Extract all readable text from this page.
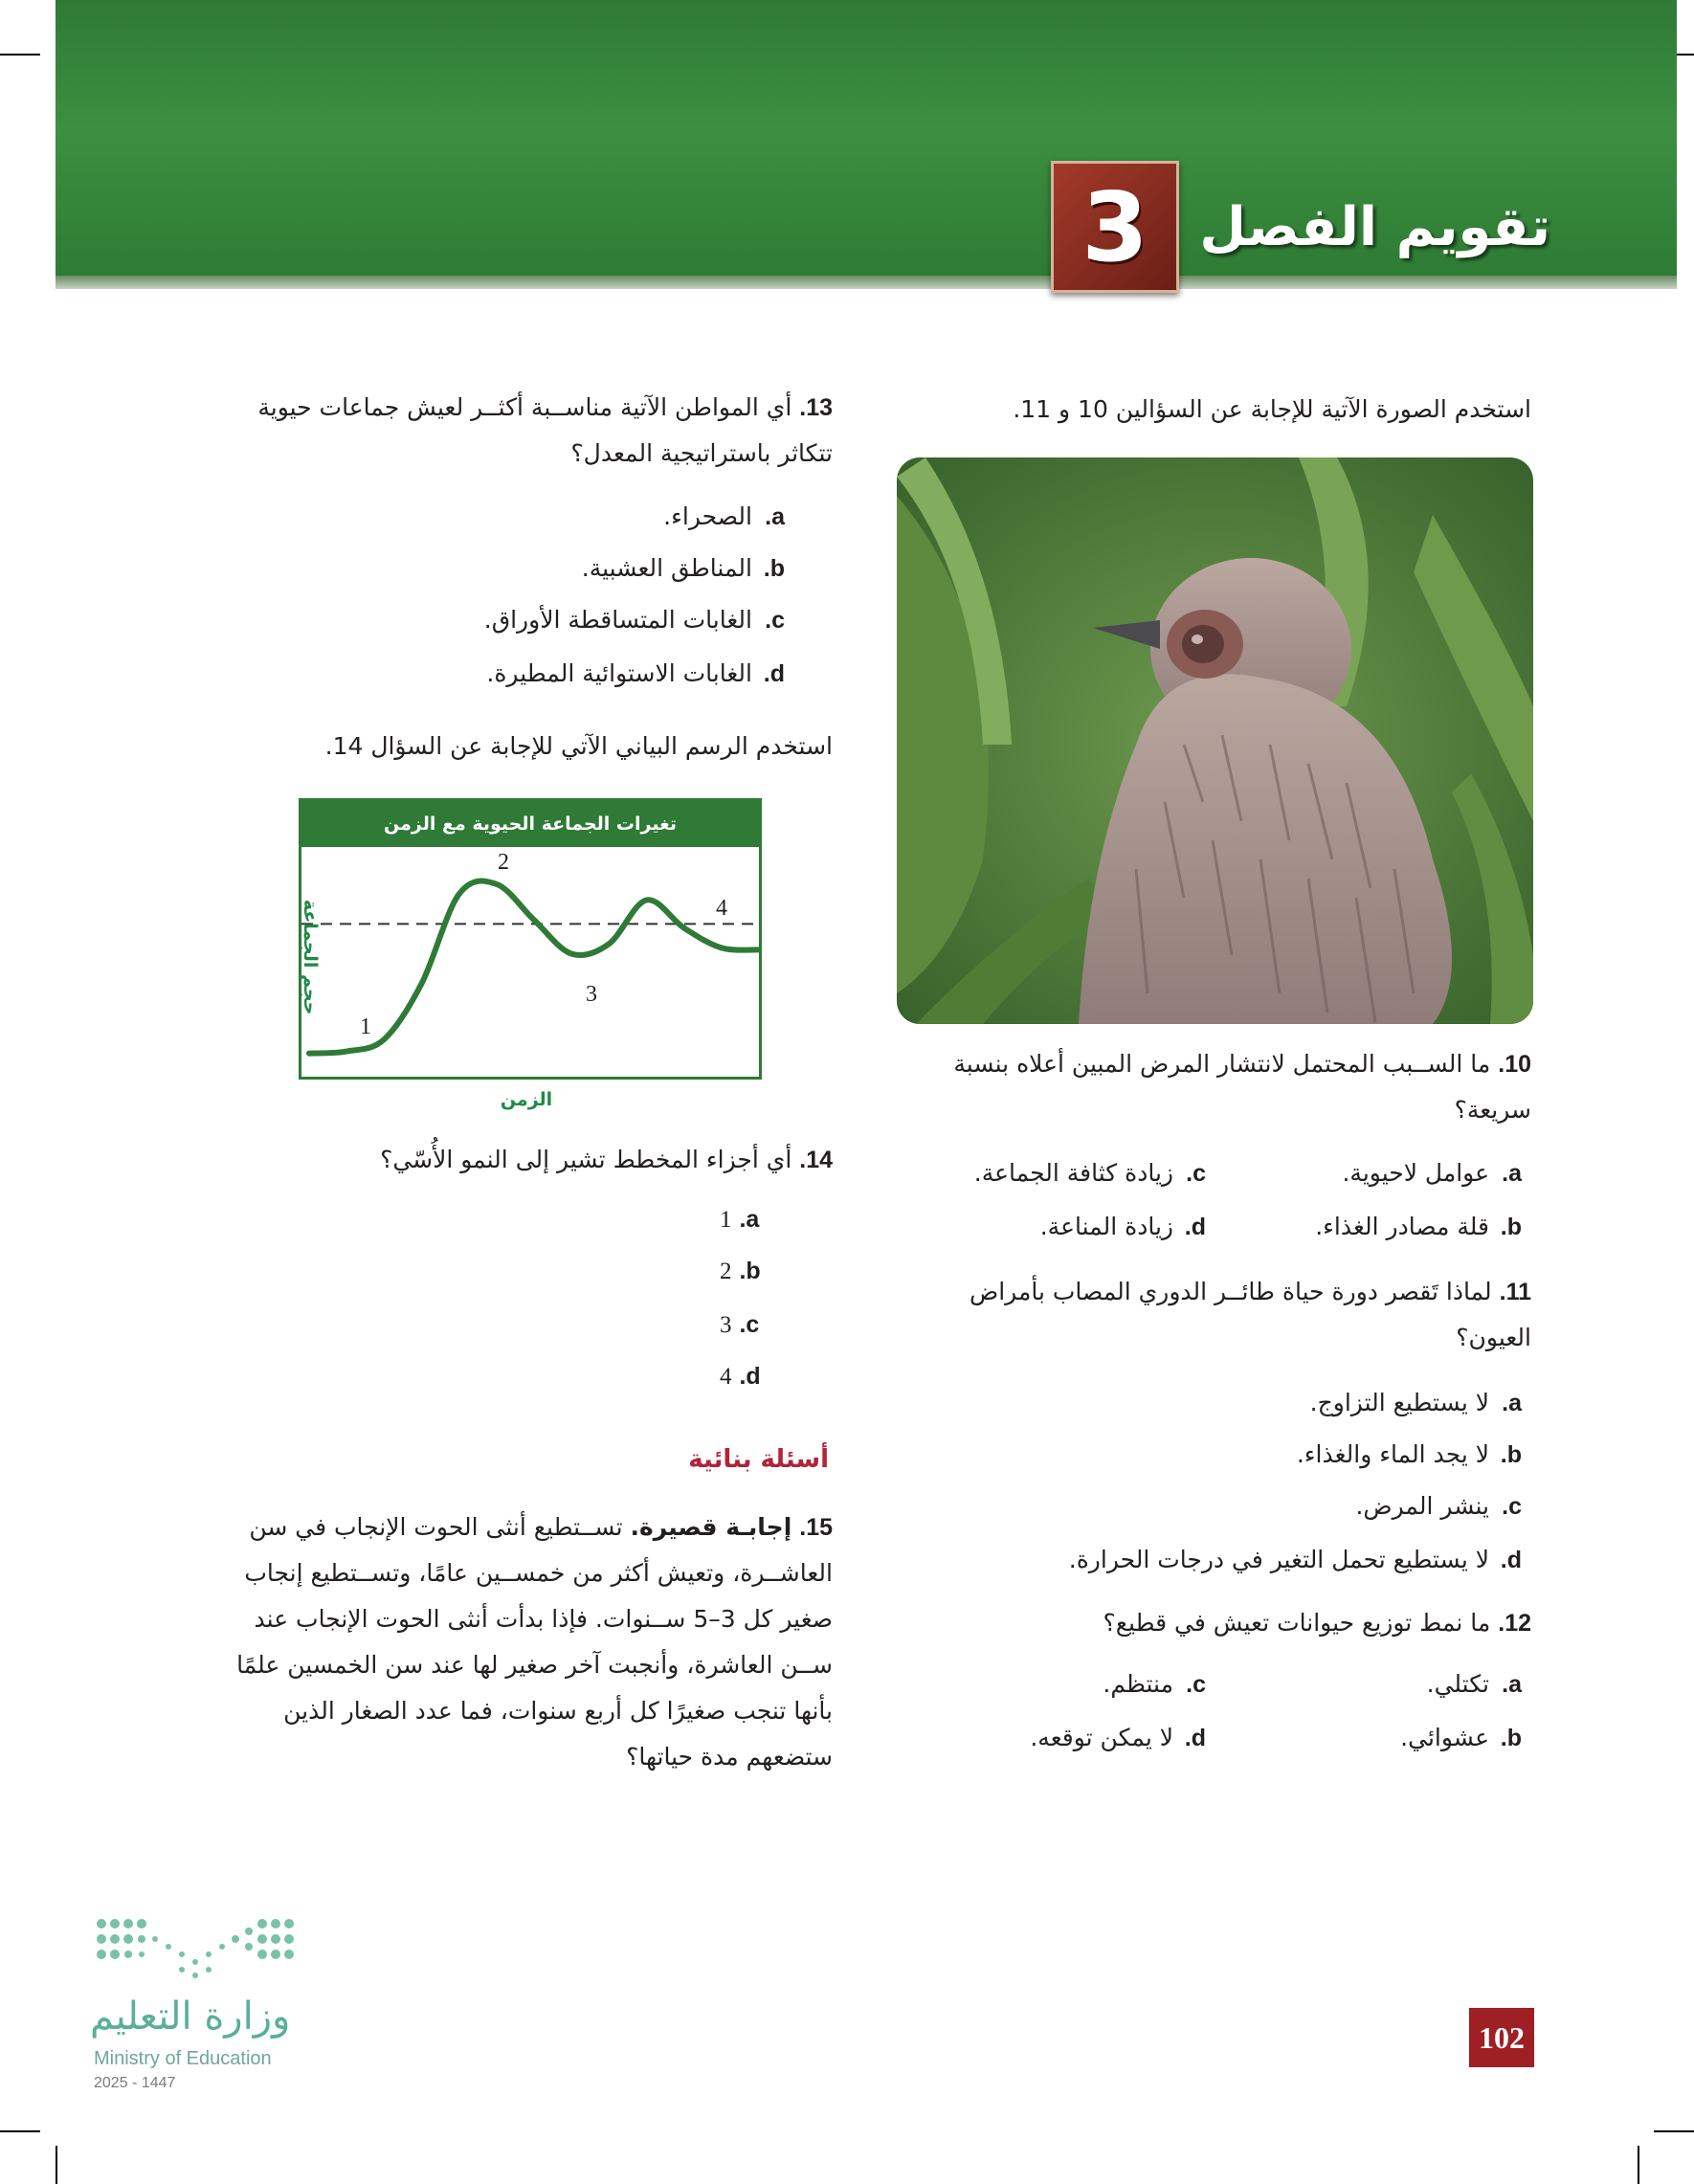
3 تقويم الفصل
استخدم الصورة الآتية للإجابة عن السؤالين 10 و 11.
10. ما الســبب المحتمل لانتشار المرض المبين أعلاه بنسبة سريعة؟
a.عوامل لاحيوية.
c.زيادة كثافة الجماعة.
b.قلة مصادر الغذاء.
d.زيادة المناعة.
11. لماذا تَقصر دورة حياة طائــر الدوري المصاب بأمراض العيون؟
a.لا يستطيع التزاوج.
b.لا يجد الماء والغذاء.
c.ينشر المرض.
d.لا يستطيع تحمل التغير في درجات الحرارة.
12. ما نمط توزيع حيوانات تعيش في قطيع؟
a.تكتلي.
c.منتظم.
b.عشوائي.
d.لا يمكن توقعه.
13. أي المواطن الآتية مناســبة أكثــر لعيش جماعات حيوية تتكاثر باستراتيجية المعدل؟
a.الصحراء.
b.المناطق العشبية.
c.الغابات المتساقطة الأوراق.
d.الغابات الاستوائية المطيرة.
استخدم الرسم البياني الآتي للإجابة عن السؤال 14.
تغيرات الجماعة الحيوية مع الزمن
1
2
3
4
حجم الجماعة
الزمن
14. أي أجزاء المخطط تشير إلى النمو الأُسّي؟
1 .a
2 .b
3 .c
4 .d
أسئلة بنائية
15. إجابـة قصيرة. تســتطيع أنثى الحوت الإنجاب في سن العاشــرة، وتعيش أكثر من خمســين عامًا، وتســتطيع إنجاب صغير كل 3–5 ســنوات. فإذا بدأت أنثى الحوت الإنجاب عند ســن العاشرة، وأنجبت آخر صغير لها عند سن الخمسين علمًا بأنها تنجب صغيرًا كل أربع سنوات، فما عدد الصغار الذين ستضعهم مدة حياتها؟
وزارة التعليم
Ministry of Education
2025 - 1447
102
